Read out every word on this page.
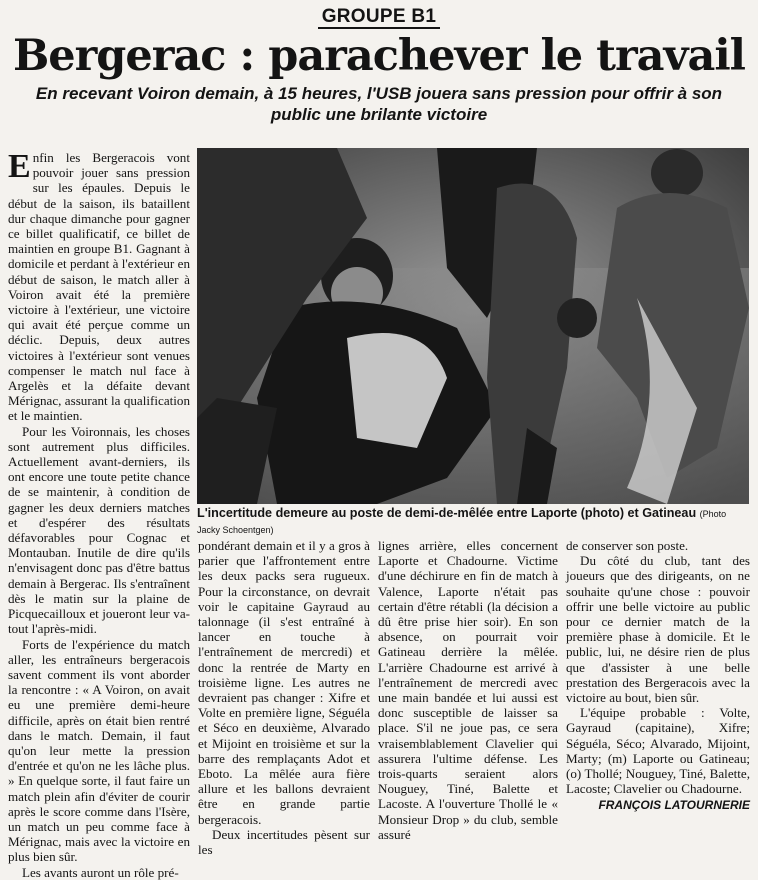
GROUPE B1
Bergerac : parachever le travail
En recevant Voiron demain, à 15 heures, l'USB jouera sans pression pour offrir à son public une brilante victoire

Enfin les Bergeracois vont pouvoir jouer sans pression sur les épaules. Depuis le début de la saison, ils bataillent dur chaque dimanche pour gagner ce billet qualificatif, ce billet de maintien en groupe B1. Gagnant à domicile et perdant à l'extérieur en début de saison, le match aller à Voiron avait été la première victoire à l'extérieur, une victoire qui avait été perçue comme un déclic. Depuis, deux autres victoires à l'extérieur sont venues compenser le match nul face à Argelès et la défaite devant Mérignac, assurant la qualification et le maintien.

Pour les Voironnais, les choses sont autrement plus difficiles. Actuellement avant-derniers, ils ont encore une toute petite chance de se maintenir, à condition de gagner les deux derniers matches et d'espérer des résultats défavorables pour Cognac et Montauban. Inutile de dire qu'ils n'envisagent donc pas d'être battus demain à Bergerac. Ils s'entraînent dès le matin sur la plaine de Picquecailloux et joueront leur va-tout l'après-midi.

Forts de l'expérience du match aller, les entraîneurs bergeracois savent comment ils vont aborder la rencontre : « A Voiron, on avait eu une première demi-heure difficile, après on était bien rentré dans le match. Demain, il faut qu'on leur mette la pression d'entrée et qu'on ne les lâche plus. » En quelque sorte, il faut faire un match plein afin d'éviter de courir après le score comme dans l'Isère, un match un peu comme face à Mérignac, mais avec la victoire en plus bien sûr.

Les avants auront un rôle pré-

L'incertitude demeure au poste de demi-de-mêlée entre Laporte (photo) et Gatineau (Photo Jacky Schoentgen)

pondérant demain et il y a gros à parier que l'affrontement entre les deux packs sera rugueux. Pour la circonstance, on devrait voir le capitaine Gayraud au talonnage (il s'est entraîné à lancer en touche à l'entraînement de mercredi) et donc la rentrée de Marty en troisième ligne. Les autres ne devraient pas changer : Xifre et Volte en première ligne, Séguéla et Séco en deuxième, Alvarado et Mijoint en troisième et sur la barre des remplaçants Adot et Eboto. La mêlée aura fière allure et les ballons devraient être en grande partie bergeracois.

Deux incertitudes pèsent sur les

lignes arrière, elles concernent Laporte et Chadourne. Victime d'une déchirure en fin de match à Valence, Laporte n'était pas certain d'être rétabli (la décision a dû être prise hier soir). En son absence, on pourrait voir Gatineau derrière la mêlée. L'arrière Chadourne est arrivé à l'entraînement de mercredi avec une main bandée et lui aussi est donc susceptible de laisser sa place. S'il ne joue pas, ce sera vraisemblablement Clavelier qui assurera l'ultime défense. Les trois-quarts seraient alors Nouguey, Tiné, Balette et Lacoste. A l'ouverture Thollé le « Monsieur Drop » du club, semble assuré

de conserver son poste.

Du côté du club, tant des joueurs que des dirigeants, on ne souhaite qu'une chose : pouvoir offrir une belle victoire au public pour ce dernier match de la première phase à domicile. Et le public, lui, ne désire rien de plus que d'assister à une belle prestation des Bergeracois avec la victoire au bout, bien sûr.

L'équipe probable : Volte, Gayraud (capitaine), Xifre; Séguéla, Séco; Alvarado, Mijoint, Marty; (m) Laporte ou Gatineau; (o) Thollé; Nouguey, Tiné, Balette, Lacoste; Clavelier ou Chadourne.

FRANÇOIS LATOURNERIE
